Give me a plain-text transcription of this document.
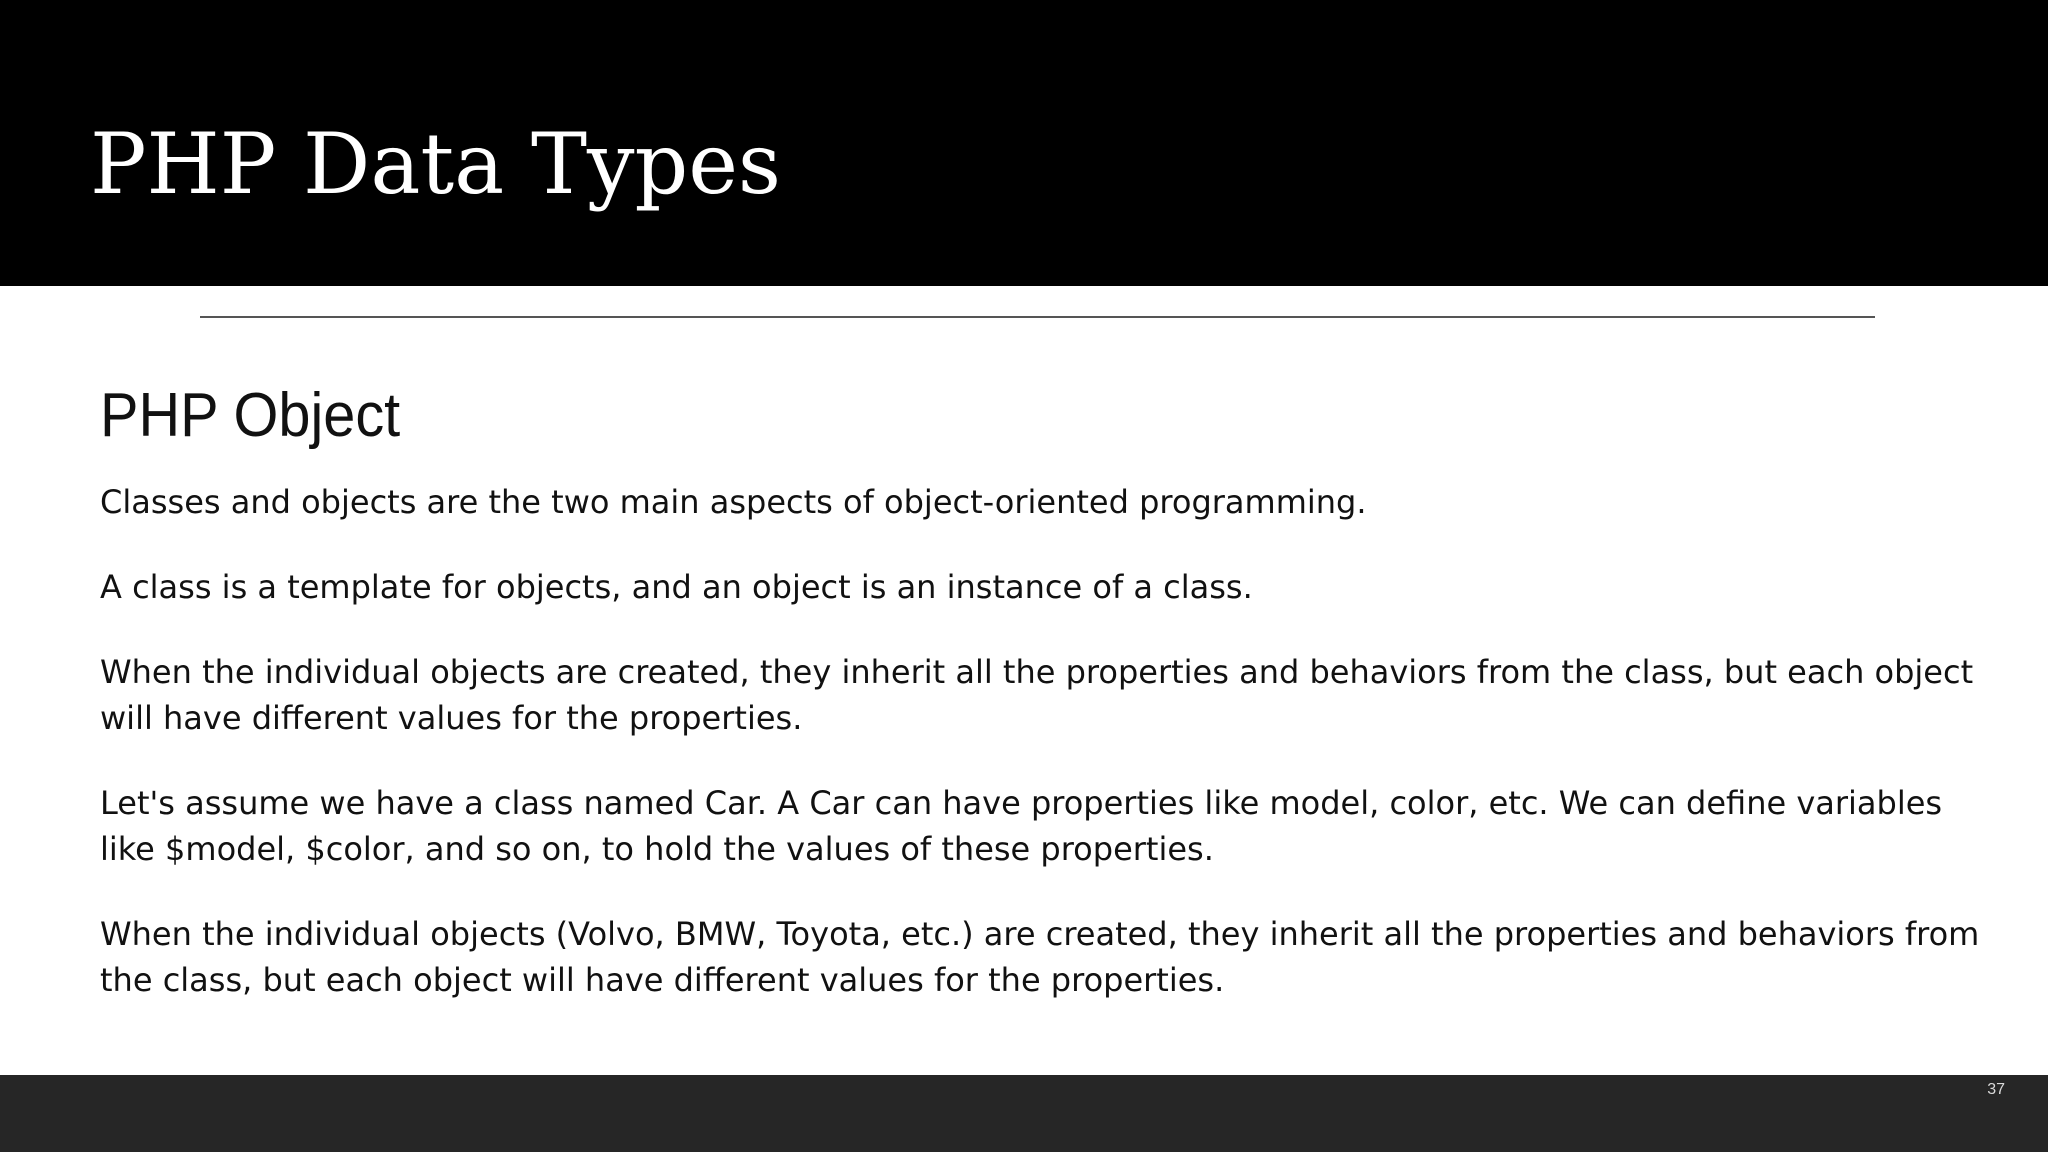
PHP Data Types
PHP Object

Classes and objects are the two main aspects of object-oriented programming.

A class is a template for objects, and an object is an instance of a class.

When the individual objects are created, they inherit all the properties and behaviors from the class, but each object will have different values for the properties.

Let's assume we have a class named Car. A Car can have properties like model, color, etc. We can define variables like $model, $color, and so on, to hold the values of these properties.

When the individual objects (Volvo, BMW, Toyota, etc.) are created, they inherit all the properties and behaviors from the class, but each object will have different values for the properties.

37
